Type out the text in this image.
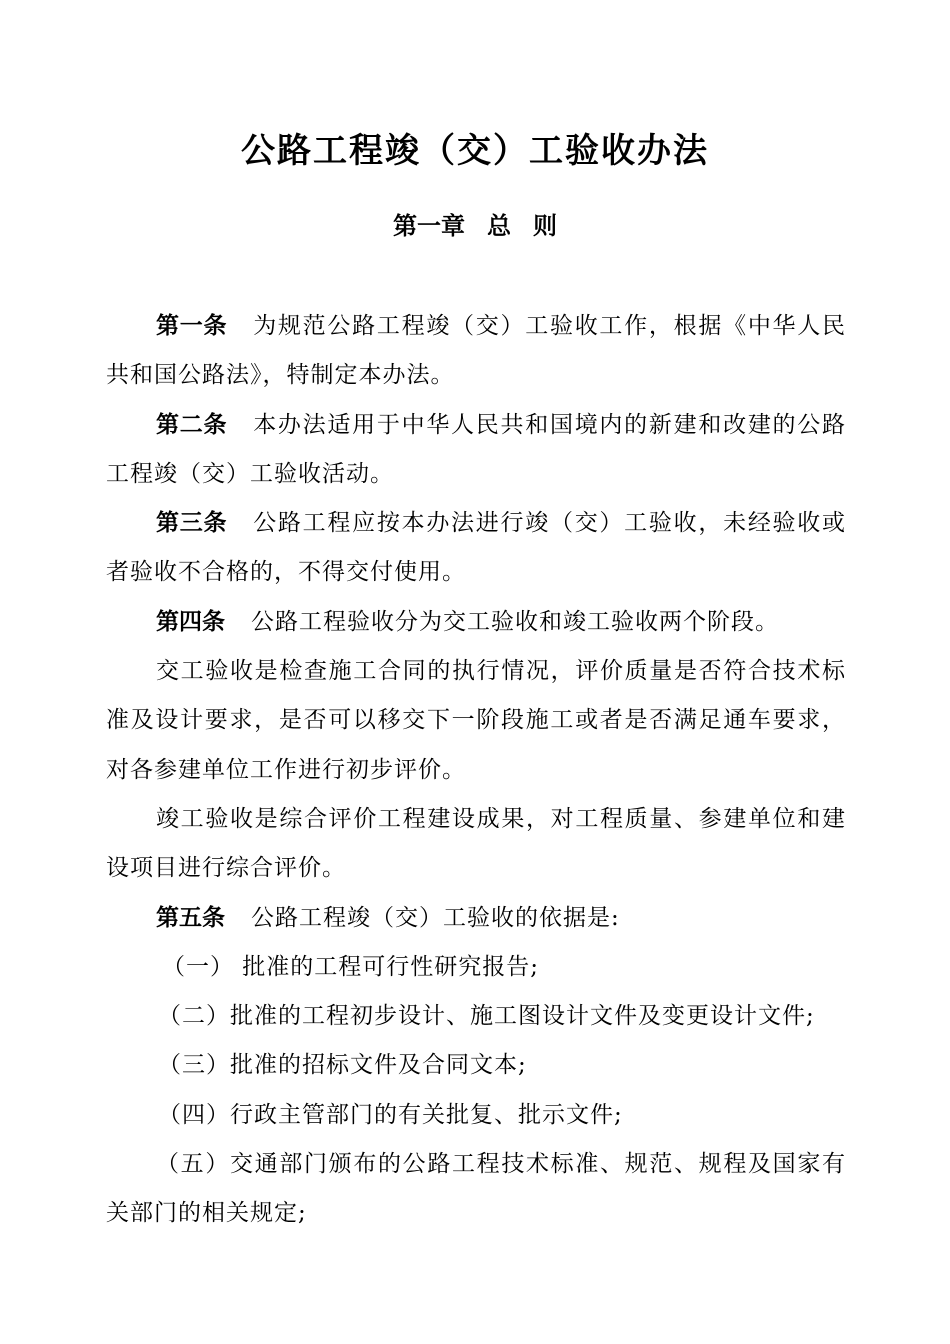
公路工程竣（交）工验收办法
第一章 总 则

第一条 为规范公路工程竣（交）工验收工作，根据《中华人民共和国公路法》，特制定本办法。

第二条 本办法适用于中华人民共和国境内的新建和改建的公路工程竣（交）工验收活动。

第三条 公路工程应按本办法进行竣（交）工验收，未经验收或者验收不合格的，不得交付使用。

第四条 公路工程验收分为交工验收和竣工验收两个阶段。

交工验收是检查施工合同的执行情况，评价质量是否符合技术标准及设计要求，是否可以移交下一阶段施工或者是否满足通车要求，对各参建单位工作进行初步评价。

竣工验收是综合评价工程建设成果，对工程质量、参建单位和建设项目进行综合评价。

第五条 公路工程竣（交）工验收的依据是:

（一） 批准的工程可行性研究报告;

（二）批准的工程初步设计、施工图设计文件及变更设计文件;

（三）批准的招标文件及合同文本;

（四）行政主管部门的有关批复、批示文件;

（五）交通部门颁布的公路工程技术标准、规范、规程及国家有关部门的相关规定;
